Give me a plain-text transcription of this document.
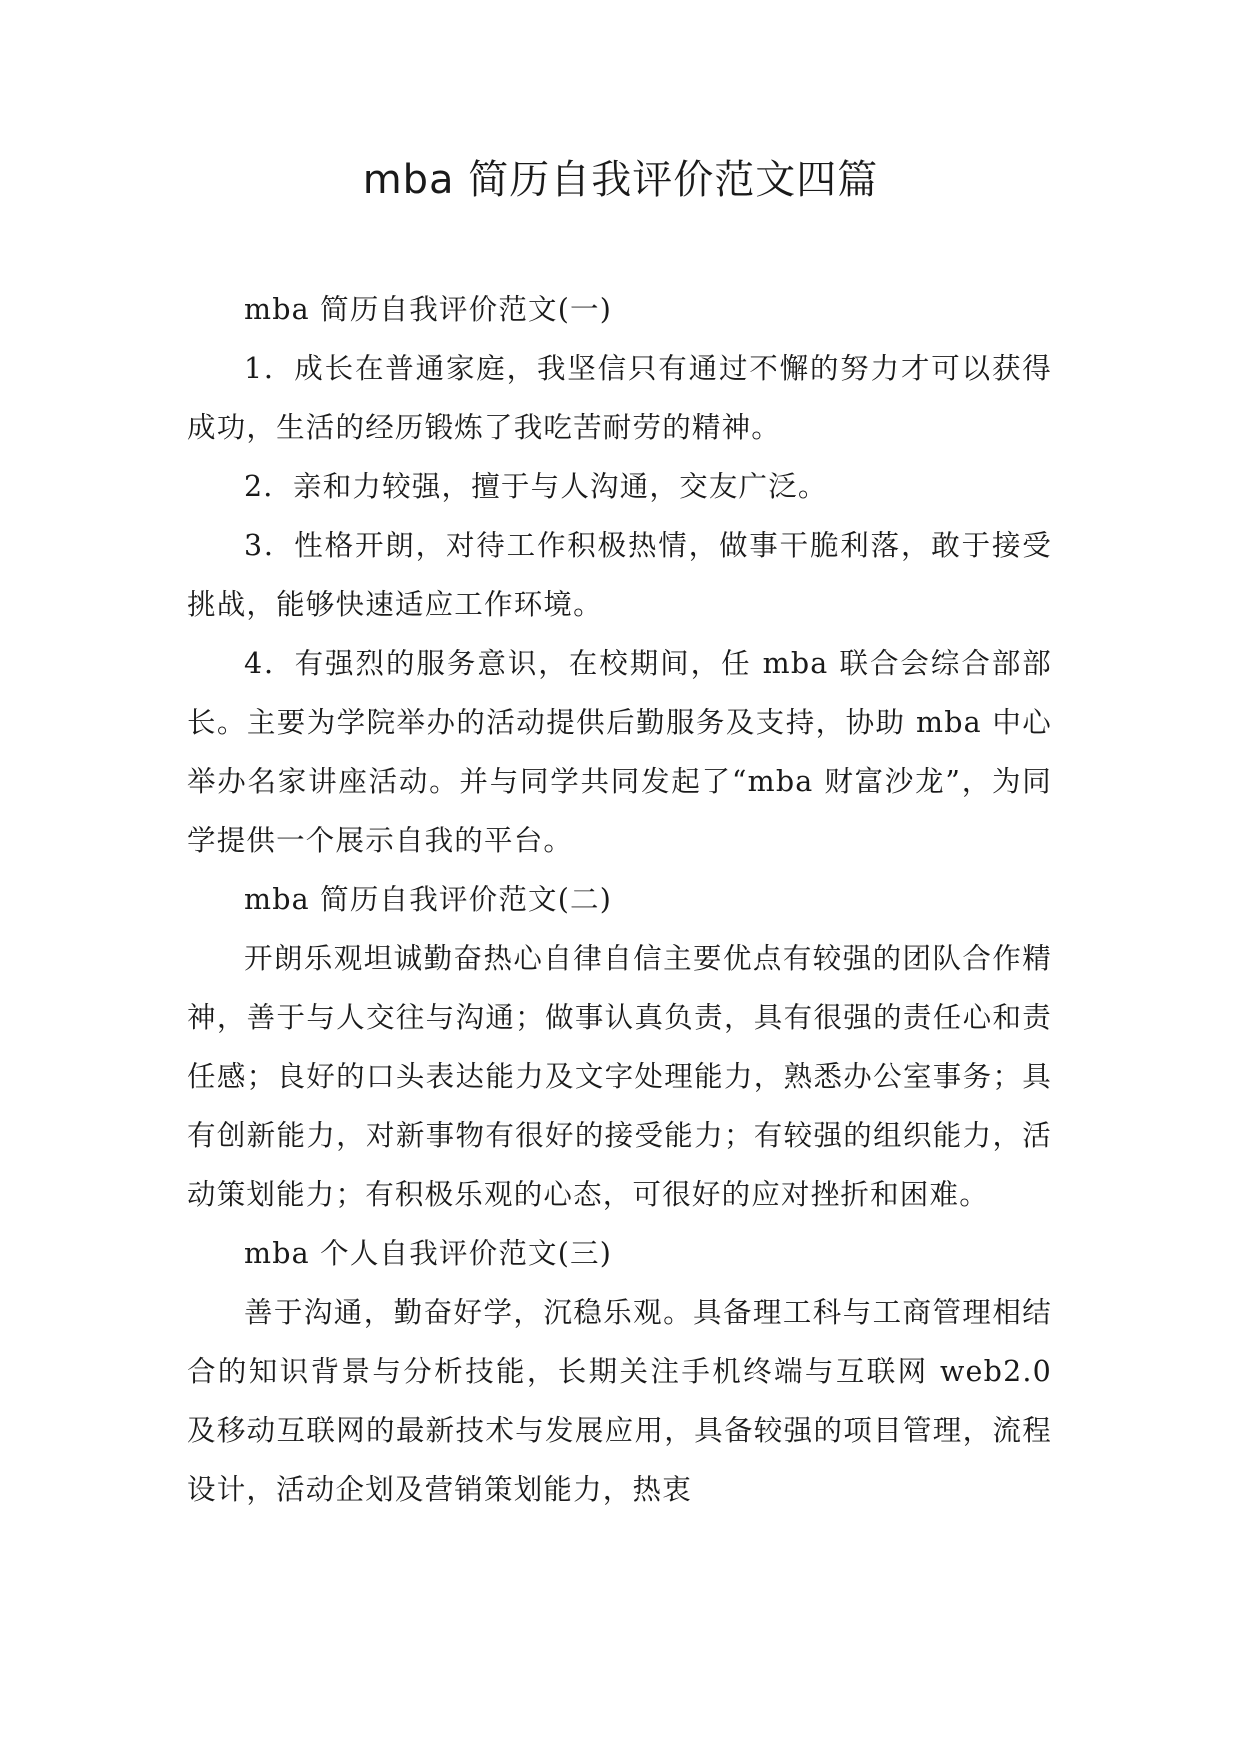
mba 简历自我评价范文四篇

mba 简历自我评价范文(一)

1．成长在普通家庭，我坚信只有通过不懈的努力才可以获得成功，生活的经历锻炼了我吃苦耐劳的精神。

2．亲和力较强，擅于与人沟通，交友广泛。

3．性格开朗，对待工作积极热情，做事干脆利落，敢于接受挑战，能够快速适应工作环境。

4．有强烈的服务意识，在校期间，任 mba 联合会综合部部长。主要为学院举办的活动提供后勤服务及支持，协助 mba 中心举办名家讲座活动。并与同学共同发起了“mba 财富沙龙”，为同学提供一个展示自我的平台。

mba 简历自我评价范文(二)

开朗乐观坦诚勤奋热心自律自信主要优点有较强的团队合作精神，善于与人交往与沟通；做事认真负责，具有很强的责任心和责任感；良好的口头表达能力及文字处理能力，熟悉办公室事务；具有创新能力，对新事物有很好的接受能力；有较强的组织能力，活动策划能力；有积极乐观的心态，可很好的应对挫折和困难。

mba 个人自我评价范文(三)

善于沟通，勤奋好学，沉稳乐观。具备理工科与工商管理相结合的知识背景与分析技能，长期关注手机终端与互联网 web2.0 及移动互联网的最新技术与发展应用，具备较强的项目管理，流程设计，活动企划及营销策划能力，热衷
